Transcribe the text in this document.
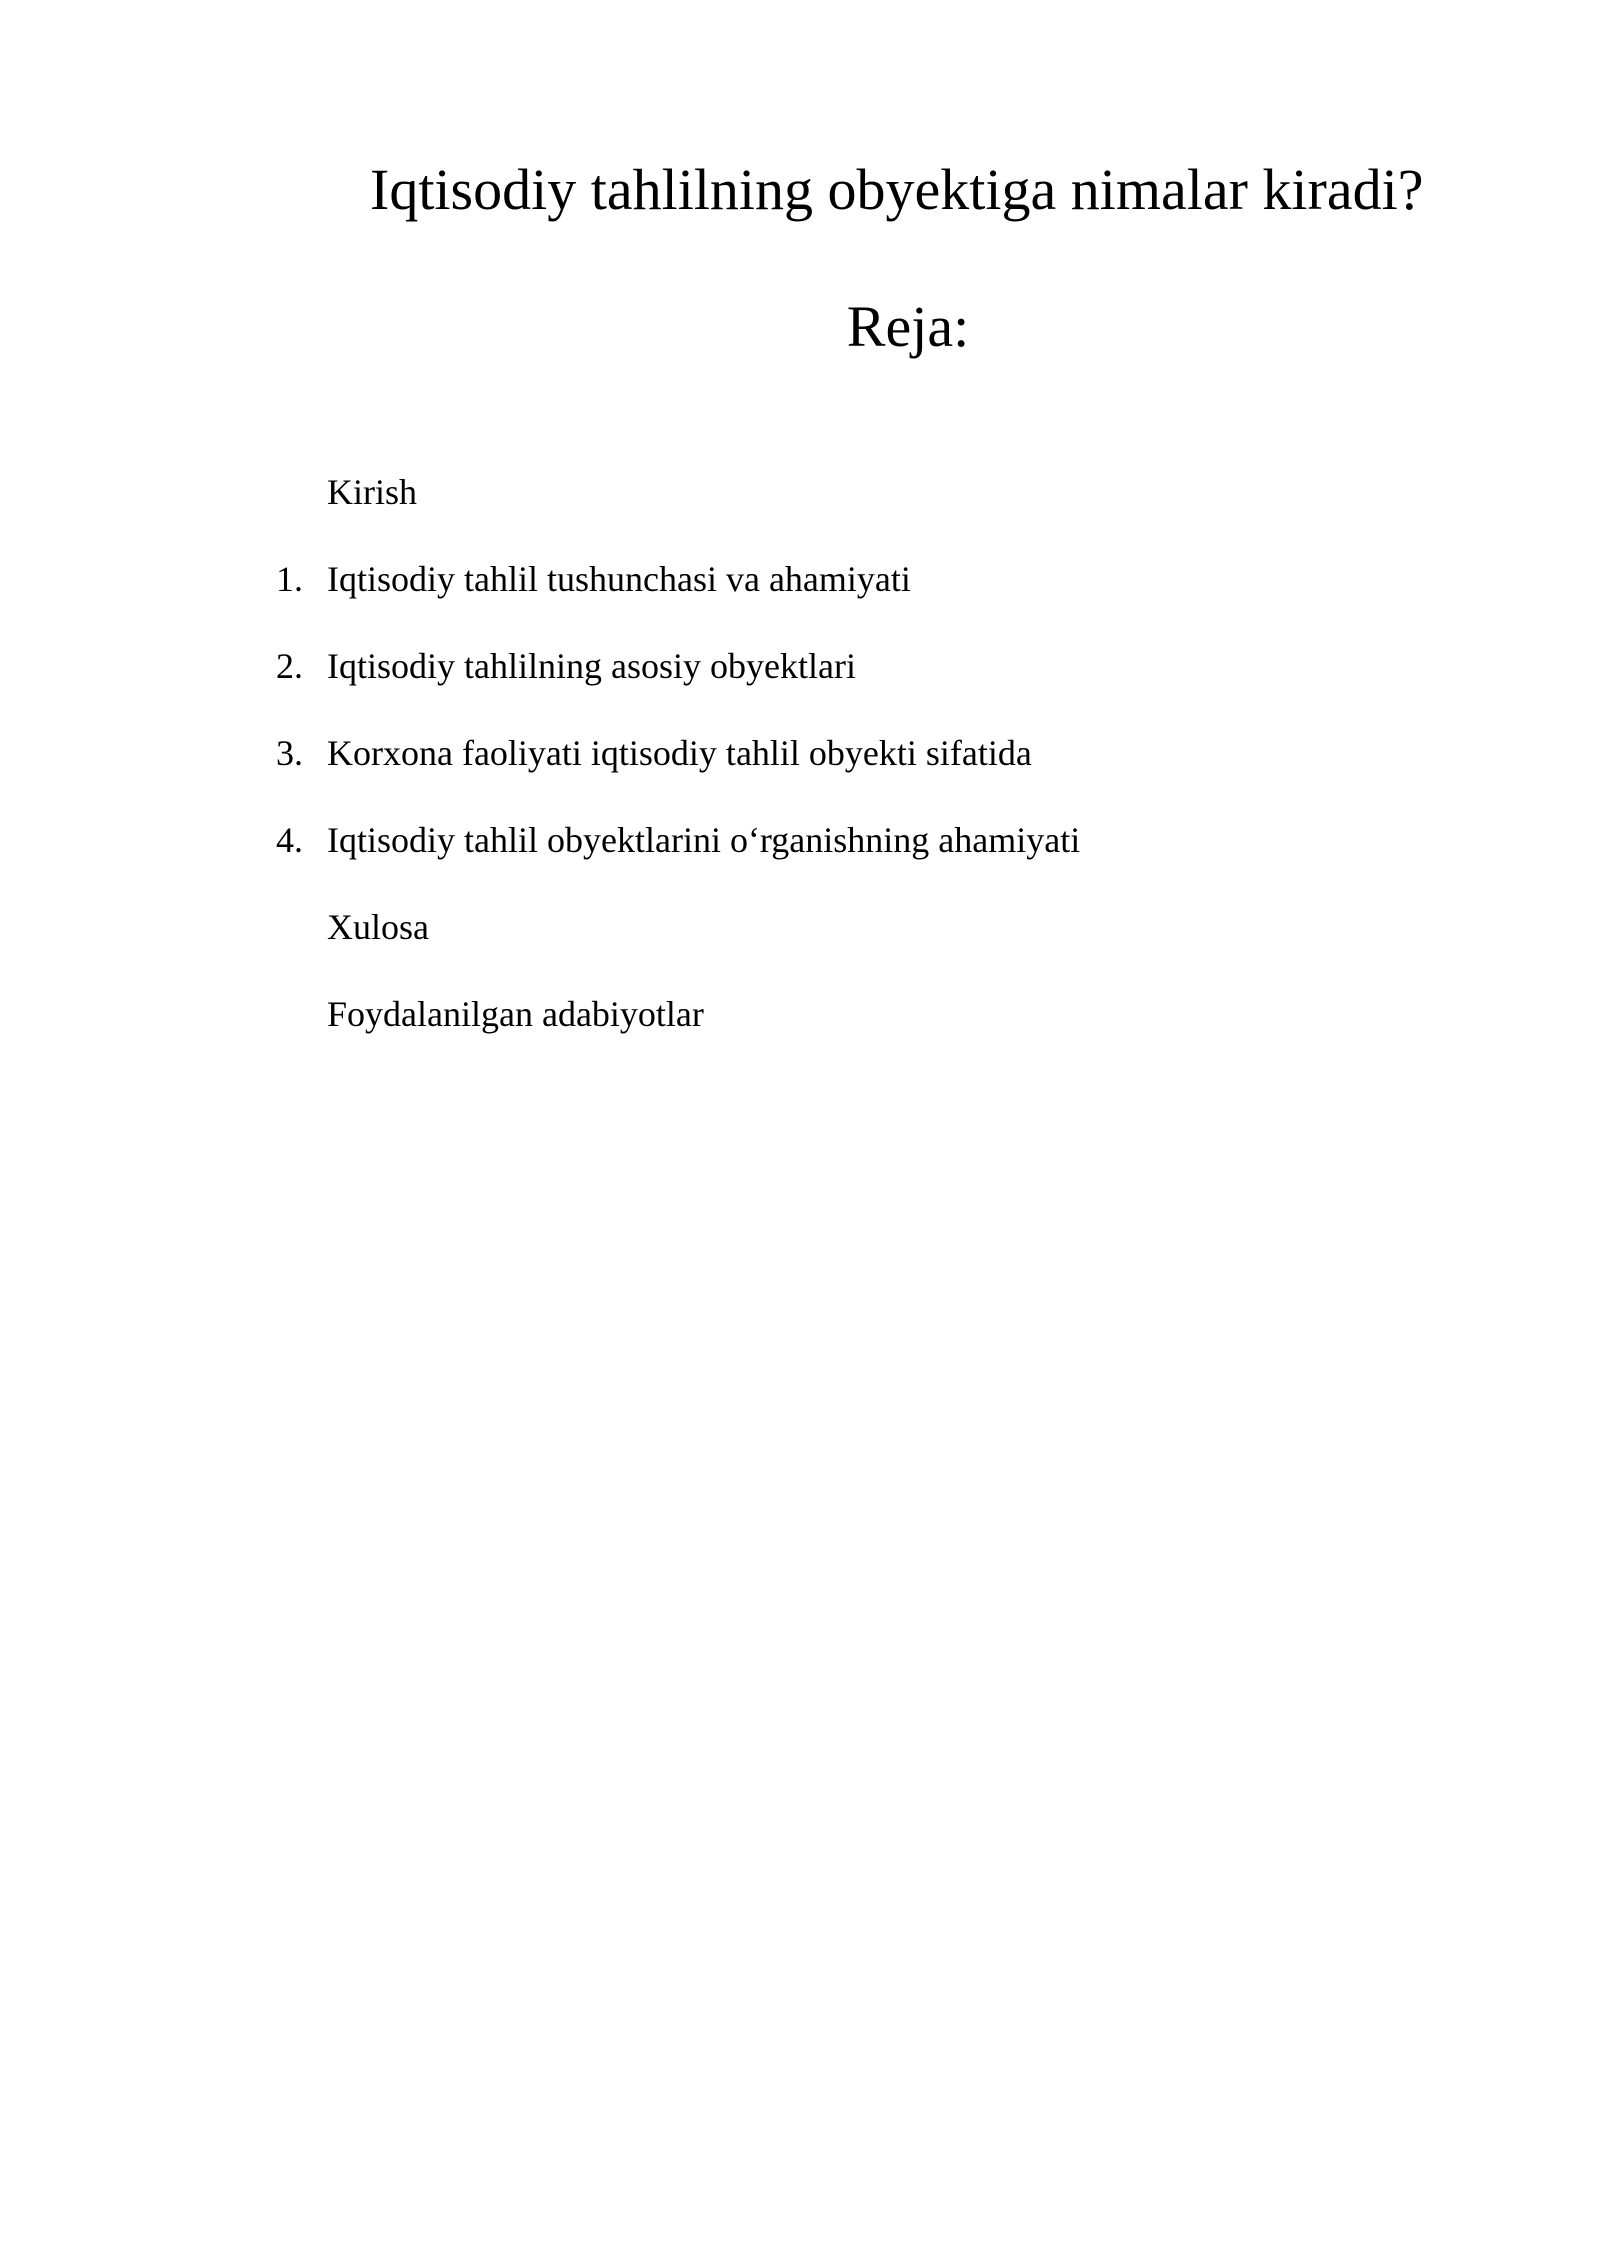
Iqtisodiy tahlilning obyektiga nimalar kiradi?
Reja:
Kirish
1. Iqtisodiy tahlil tushunchasi va ahamiyati
2. Iqtisodiy tahlilning asosiy obyektlari
3. Korxona faoliyati iqtisodiy tahlil obyekti sifatida
4. Iqtisodiy tahlil obyektlarini o‘rganishning ahamiyati
Xulosa
Foydalanilgan adabiyotlar
